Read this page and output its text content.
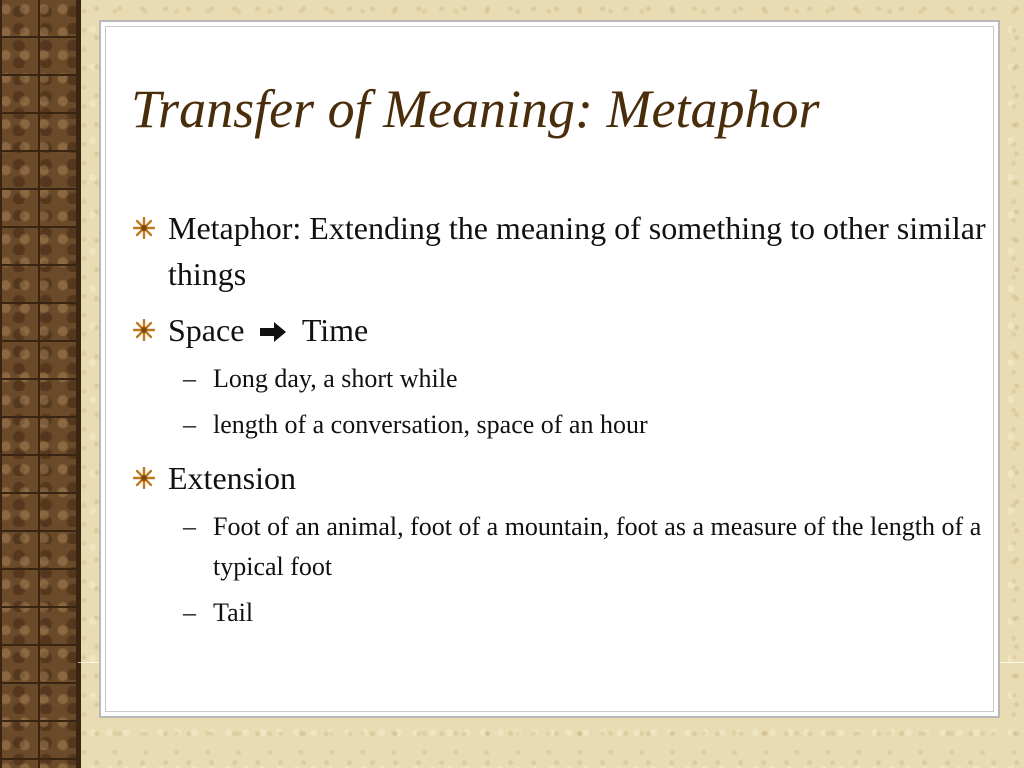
Transfer of Meaning: Metaphor
Metaphor: Extending the meaning of something to other similar things
Space Time
– Long day, a short while
– length of a conversation, space of an hour
Extension
– Foot of an animal, foot of a mountain, foot as a measure of the length of a typical foot
– Tail
